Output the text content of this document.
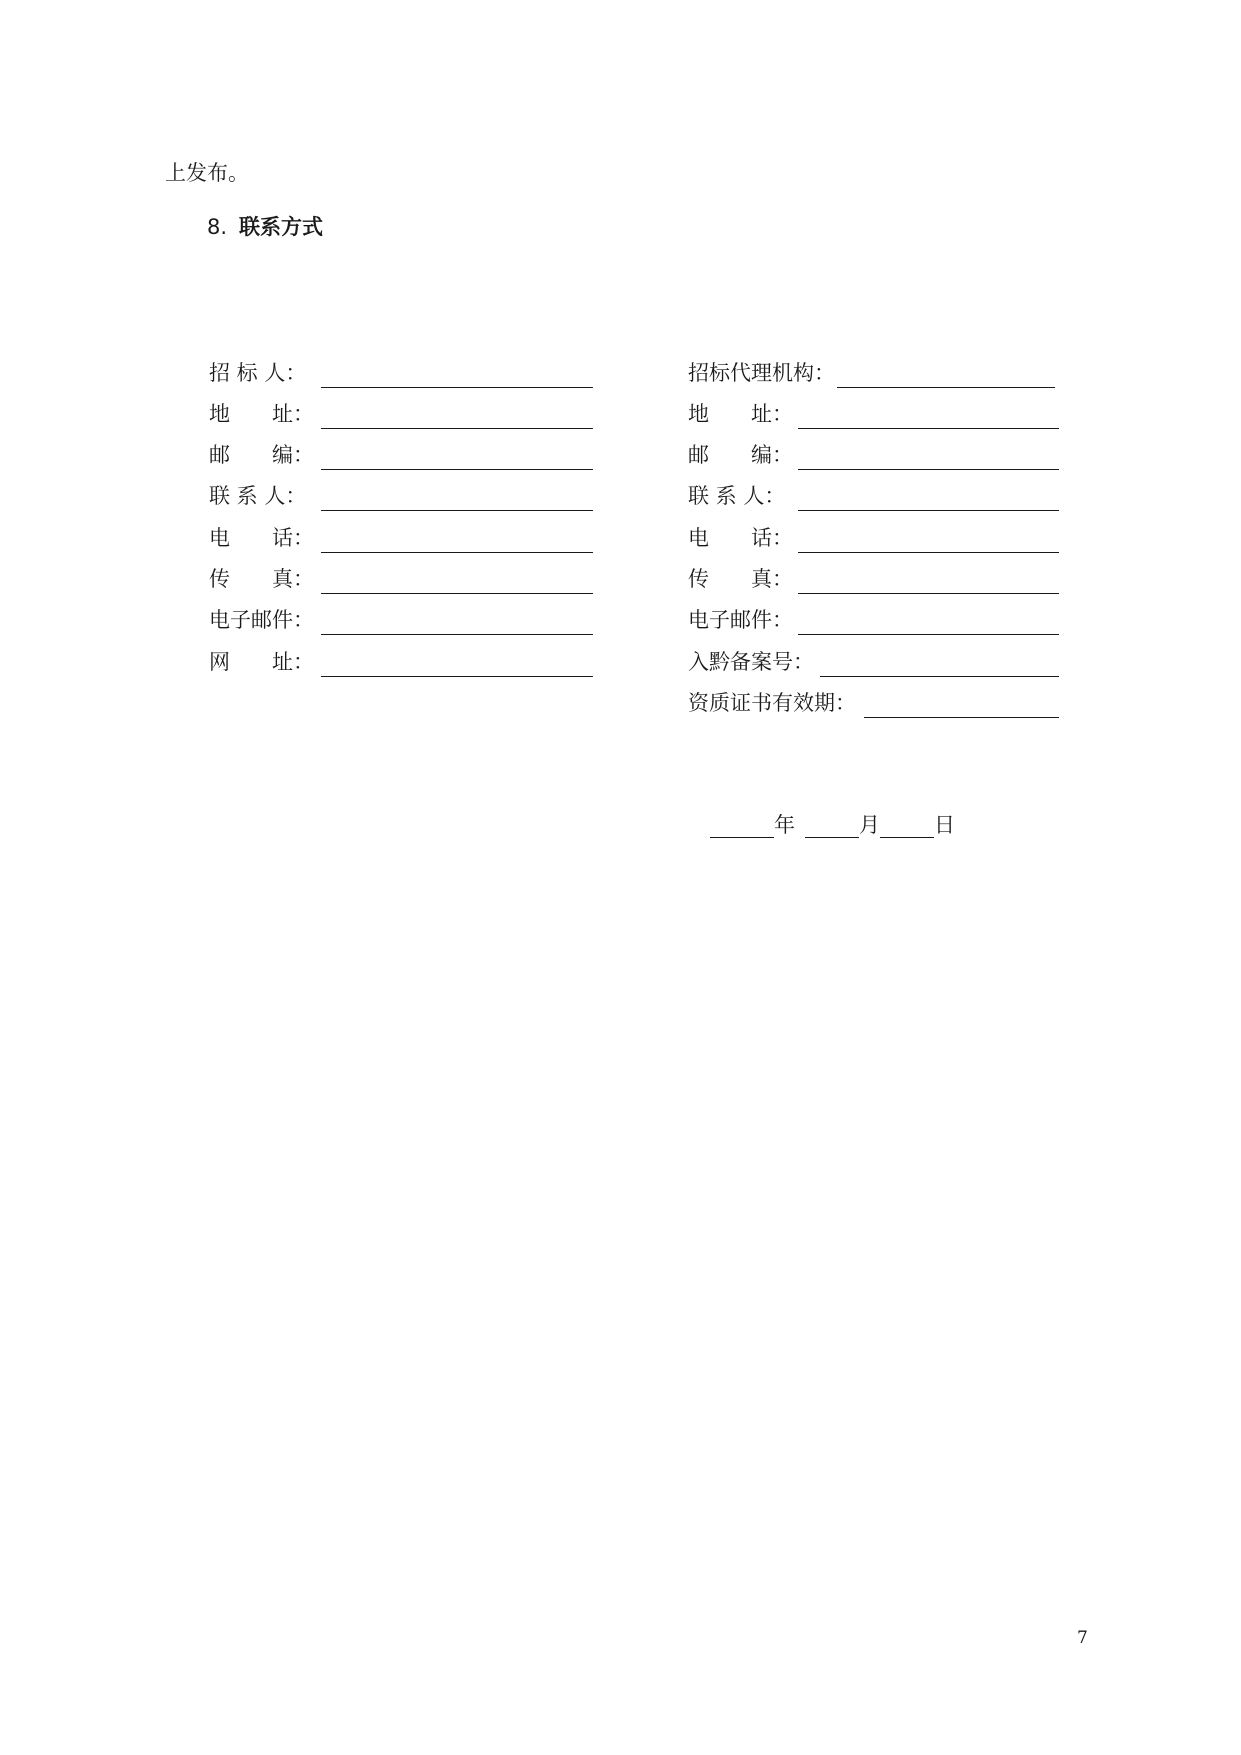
上发布。
8. 联系方式
招 标 人：
地　　址：
邮　　编：
联 系 人：
电　　话：
传　　真：
电子邮件：
网　　址：
招标代理机构：
地　　址：
邮　　编：
联 系 人：
电　　话：
传　　真：
电子邮件：
入黔备案号：
资质证书有效期：
年	月	日
7
